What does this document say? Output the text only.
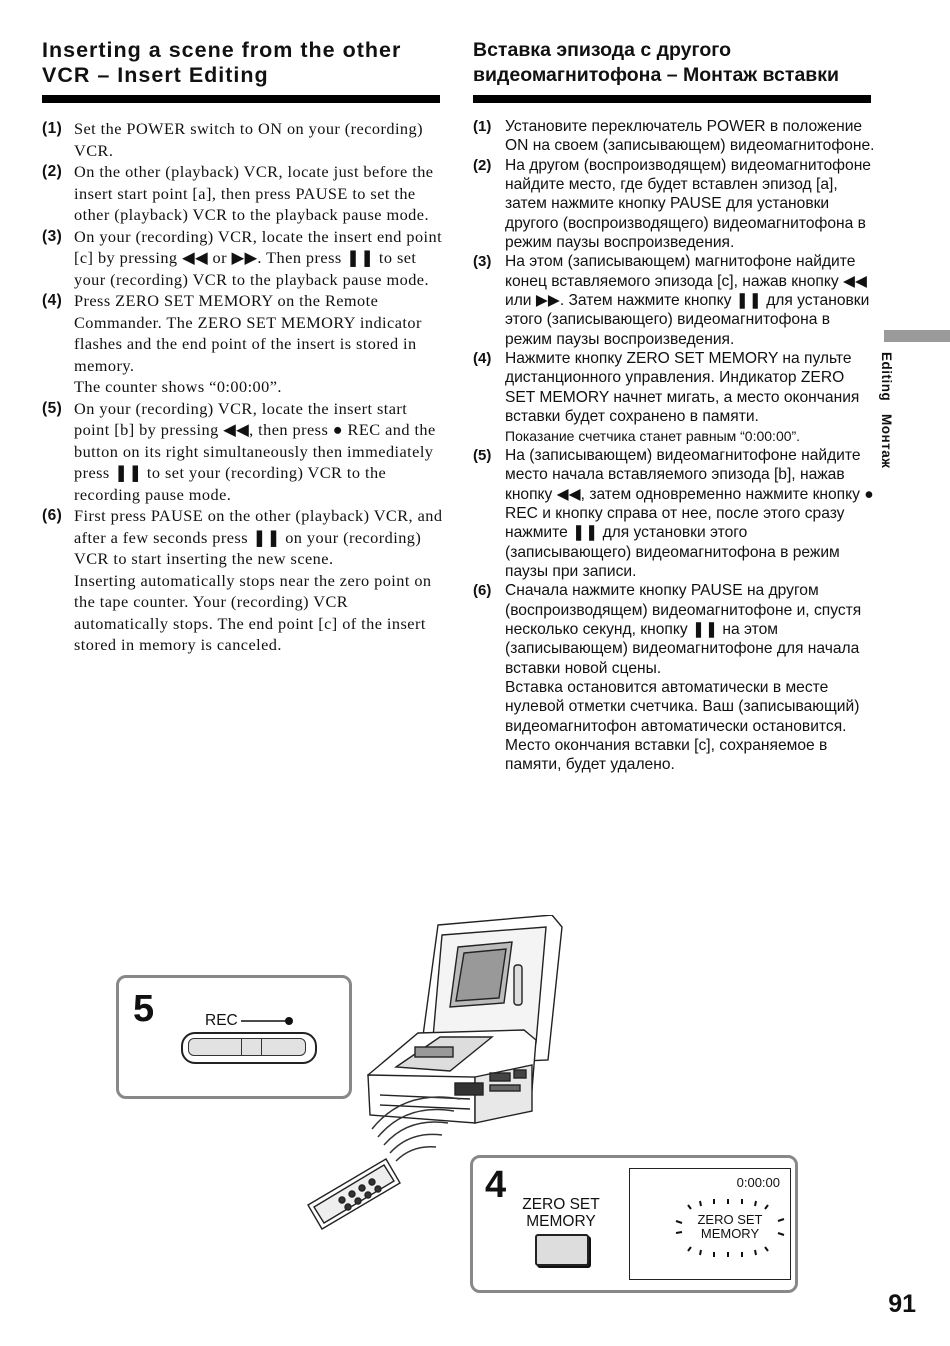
Inserting a scene from the other VCR – Insert Editing
Вставка эпизода с другого видеомагнитофона – Монтаж вставки
(1) Set the POWER switch to ON on your (recording) VCR.
(2) On the other (playback) VCR, locate just before the insert start point [a], then press PAUSE to set the other (playback) VCR to the playback pause mode.
(3) On your (recording) VCR, locate the insert end point [c] by pressing ◀◀ or ▶▶. Then press ❚❚ to set your (recording) VCR to the playback pause mode.
(4) Press ZERO SET MEMORY on the Remote Commander. The ZERO SET MEMORY indicator flashes and the end point of the insert is stored in memory.
The counter shows “0:00:00”.
(5) On your (recording) VCR, locate the insert start point [b] by pressing ◀◀, then press ● REC and the button on its right simultaneously then immediately press ❚❚ to set your (recording) VCR to the recording pause mode.
(6) First press PAUSE on the other (playback) VCR, and after a few seconds press ❚❚ on your (recording) VCR to start inserting the new scene.
Inserting automatically stops near the zero point on the tape counter. Your (recording) VCR automatically stops. The end point [c] of the insert stored in memory is canceled.
(1) Установите переключатель POWER в положение ON на своем (записывающем) видеомагнитофоне.
(2) На другом (воспроизводящем) видеомагнитофоне найдите место, где будет вставлен эпизод [a], затем нажмите кнопку PAUSE для установки другого (воспроизводящего) видеомагнитофона в режим паузы воспроизведения.
(3) На этом (записывающем) магнитофоне найдите конец вставляемого эпизода [c], нажав кнопку ◀◀ или ▶▶. Затем нажмите кнопку ❚❚ для установки этого (записывающего) видеомагнитофона в режим паузы воспроизведения.
(4) Нажмите кнопку ZERO SET MEMORY на пульте дистанционного управления. Индикатор ZERO SET MEMORY начнет мигать, а место окончания вставки будет сохранено в памяти.
Показание счетчика станет равным “0:00:00”.
(5) На (записывающем) видеомагнитофоне найдите место начала вставляемого эпизода [b], нажав кнопку ◀◀, затем одновременно нажмите кнопку ● REC и кнопку справа от нее, после этого сразу нажмите ❚❚ для установки этого (записывающего) видеомагнитофона в режим паузы при записи.
(6) Сначала нажмите кнопку PAUSE на другом (воспроизводящем) видеомагнитофоне и, спустя несколько секунд, кнопку ❚❚ на этом (записывающем) видеомагнитофоне для начала вставки новой сцены.
Вставка остановится автоматически в месте нулевой отметки счетчика. Ваш (записывающий) видеомагнитофон автоматически остановится. Место окончания вставки [c], сохраняемое в памяти, будет удалено.
Editing   Монтаж
5	REC
4 ZERO SET
MEMORY
0:00:00
ZERO SET
MEMORY
91
